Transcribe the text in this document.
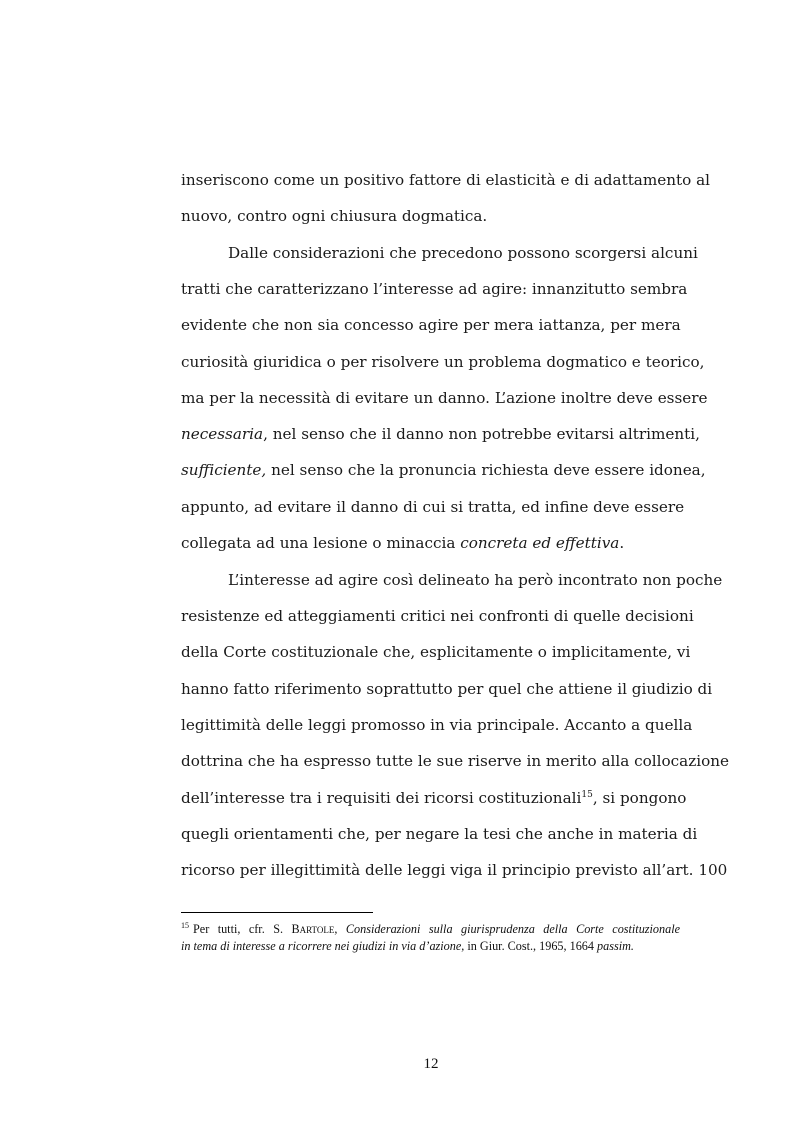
inseriscono come un positivo fattore di elasticità e di adattamento al

nuovo, contro ogni chiusura dogmatica.

Dalle considerazioni che precedono possono scorgersi alcuni

tratti che caratterizzano l’interesse ad agire: innanzitutto sembra

evidente che non sia concesso agire per mera iattanza, per mera

curiosità giuridica o per risolvere un problema dogmatico e teorico,

ma per la necessità di evitare un danno. L’azione inoltre deve essere

necessaria, nel senso che il danno non potrebbe evitarsi altrimenti,

sufficiente, nel senso che la pronuncia richiesta deve essere idonea,

appunto, ad evitare il danno di cui si tratta, ed infine deve essere

collegata ad una lesione o minaccia concreta ed effettiva.

L’interesse ad agire così delineato ha però incontrato non poche

resistenze ed atteggiamenti critici nei confronti di quelle decisioni

della Corte costituzionale che, esplicitamente o implicitamente, vi

hanno fatto riferimento soprattutto per quel che attiene il giudizio di

legittimità delle leggi promosso in via principale. Accanto a quella

dottrina che ha espresso tutte le sue riserve in merito alla collocazione

dell’interesse tra i requisiti dei ricorsi costituzionali$^{15}$, si pongono

quegli orientamenti che, per negare la tesi che anche in materia di

ricorso per illegittimità delle leggi viga il principio previsto all’art. 100

$^{15}$ Per tutti, cfr. S. Bartole, Considerazioni sulla giurisprudenza della Corte costituzionale

in tema di interesse a ricorrere nei giudizi in via d’azione, in Giur. Cost., 1965, 1664 passim.

12
